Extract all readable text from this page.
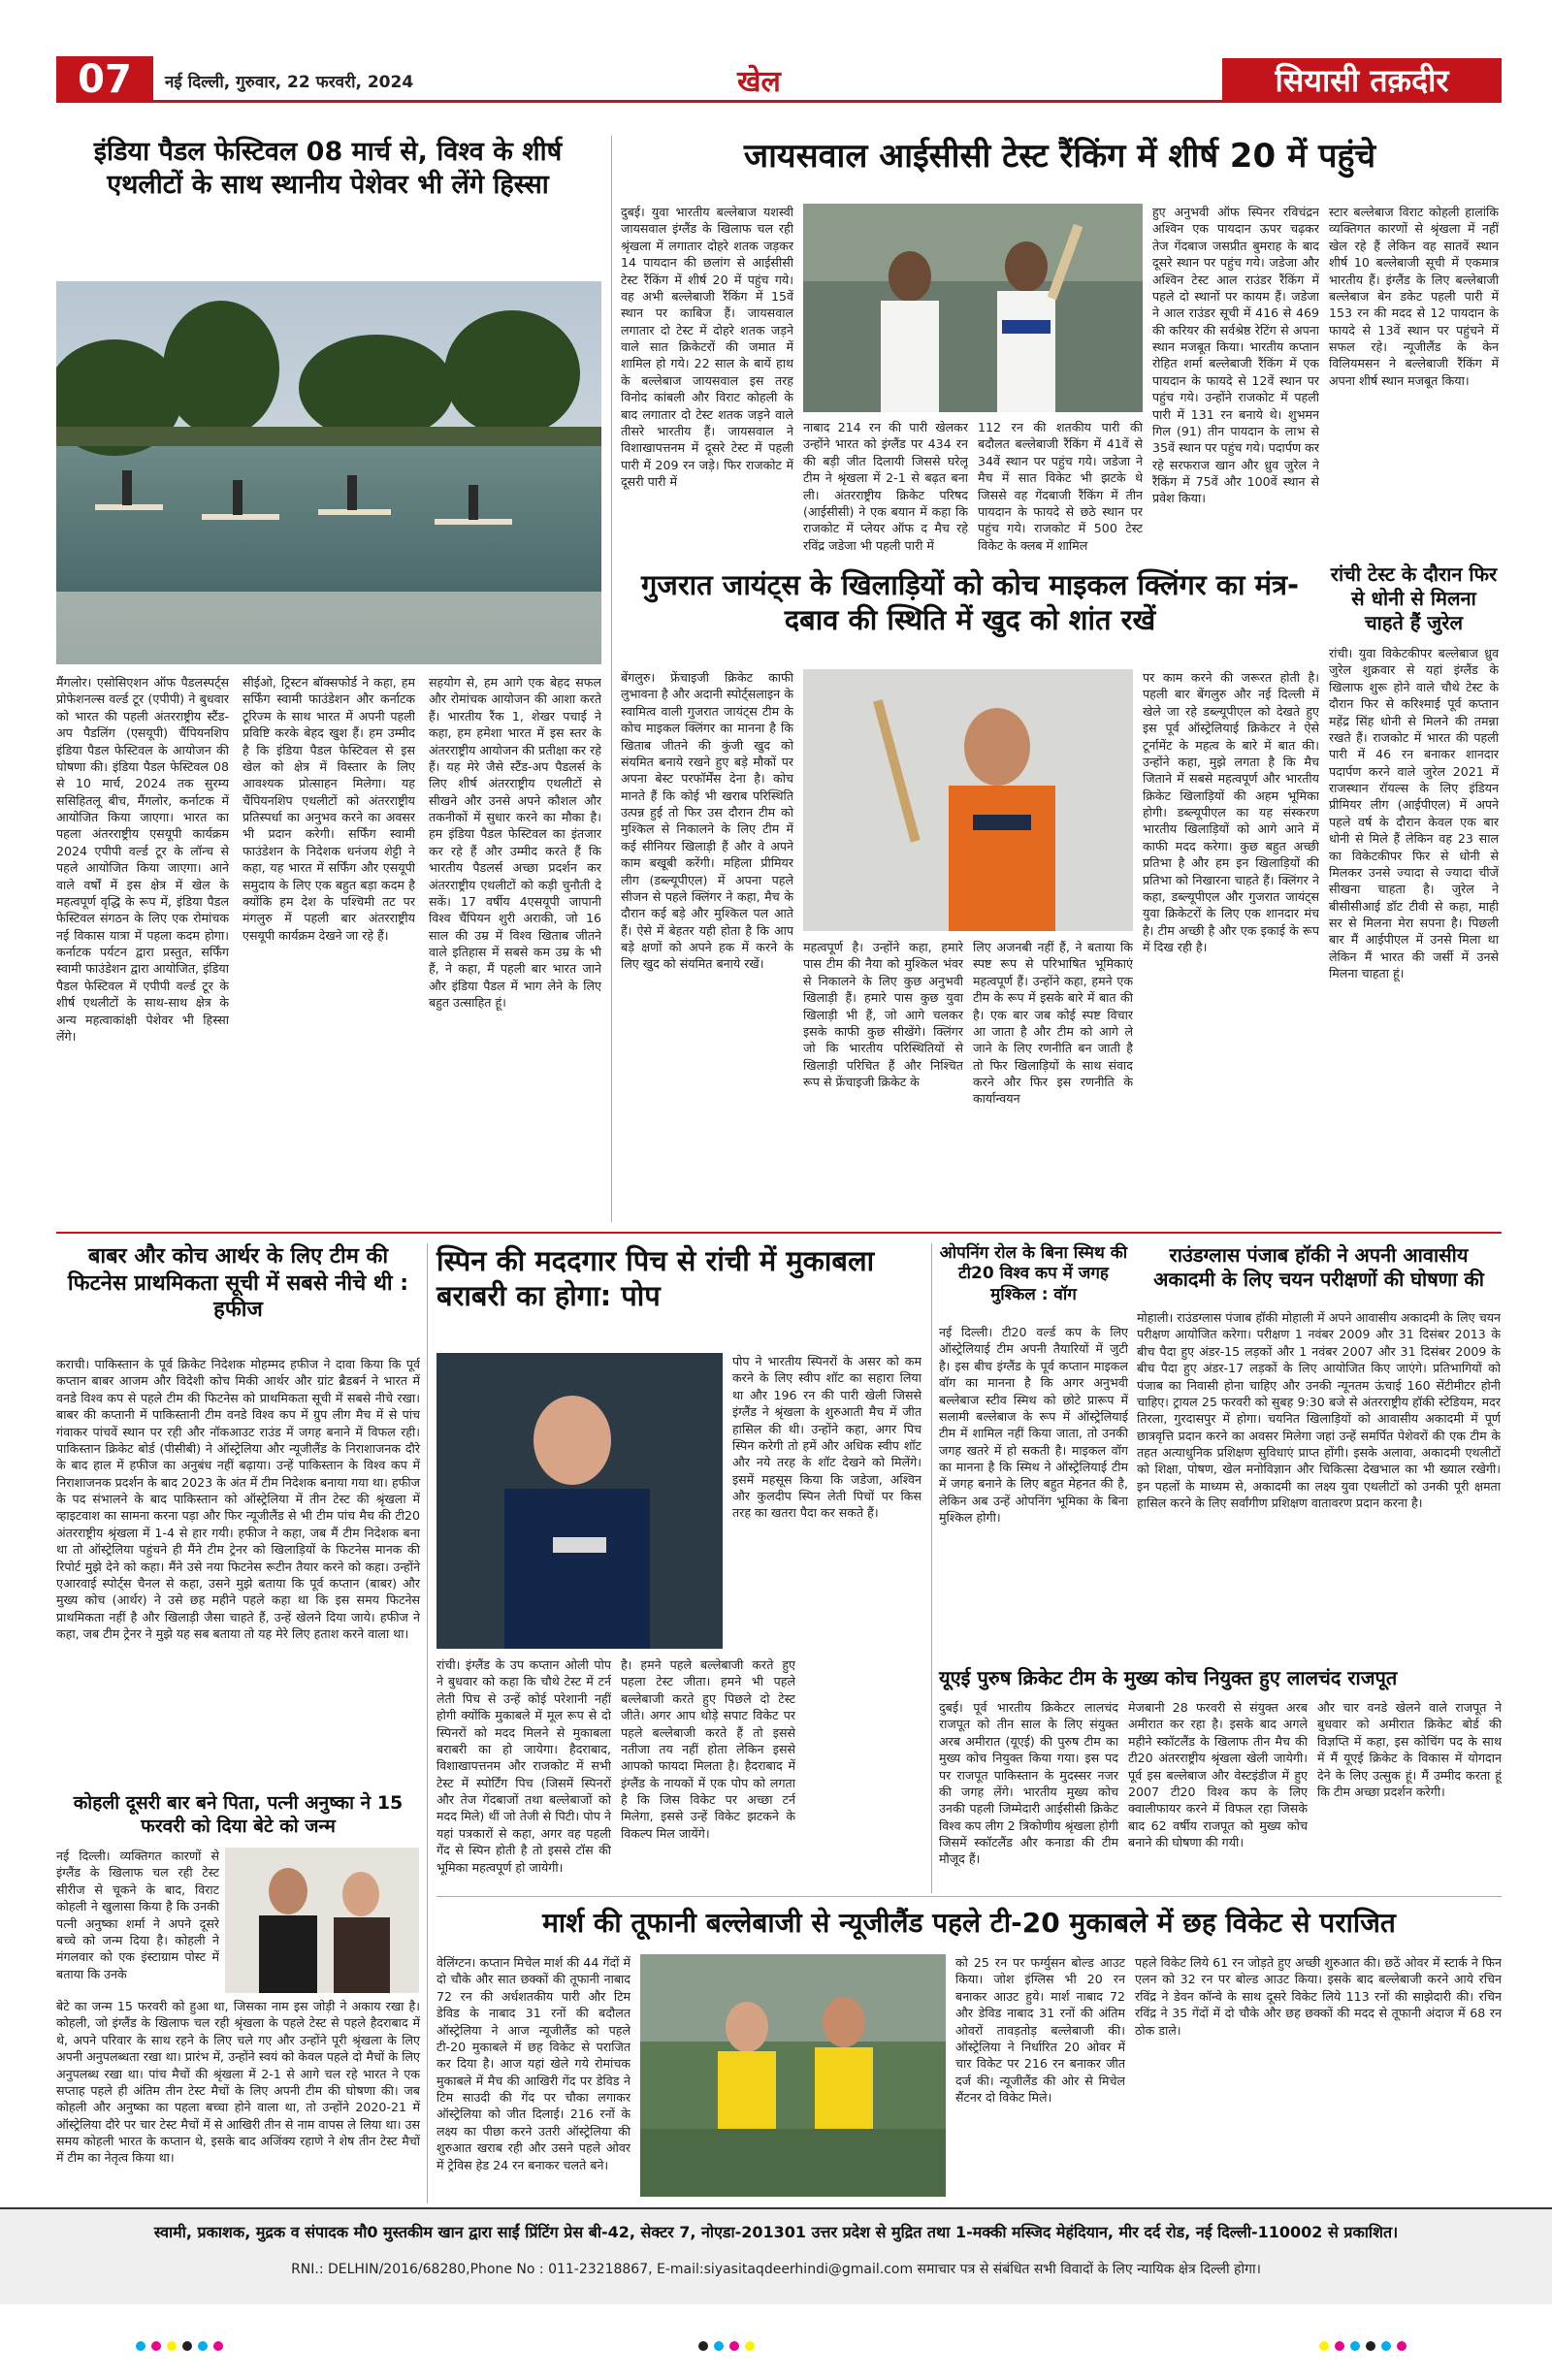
07	नई दिल्ली, गुरुवार, 22 फरवरी, 2024	खेल	सियासी तक़दीर
इंडिया पैडल फेस्टिवल 08 मार्च से, विश्व के शीर्ष एथलीटों के साथ स्थानीय पेशेवर भी लेंगे हिस्सा
मैंगलोर। एसोसिएशन ऑफ पैडलस्पर्ट्स प्रोफेशनल्स वर्ल्ड टूर (एपीपी) ने बुधवार को भारत की पहली अंतरराष्ट्रीय स्टैंड-अप पैडलिंग (एसयूपी) चैंपियनशिप इंडिया पैडल फेस्टिवल के आयोजन की घोषणा की। इंडिया पैडल फेस्टिवल 08 से 10 मार्च, 2024 तक सुरम्य ससिहितलू बीच, मैंगलोर, कर्नाटक में आयोजित किया जाएगा। भारत का पहला अंतरराष्ट्रीय एसयूपी कार्यक्रम 2024 एपीपी वर्ल्ड टूर के लॉन्च से पहले आयोजित किया जाएगा। आने वाले वर्षों में इस क्षेत्र में खेल के महत्वपूर्ण वृद्धि के रूप में, इंडिया पैडल फेस्टिवल संगठन के लिए एक रोमांचक नई विकास यात्रा में पहला कदम होगा। कर्नाटक पर्यटन द्वारा प्रस्तुत, सर्फिंग स्वामी फाउंडेशन द्वारा आयोजित, इंडिया पैडल फेस्टिवल में एपीपी वर्ल्ड टूर के शीर्ष एथलीटों के साथ-साथ क्षेत्र के अन्य महत्वाकांक्षी पेशेवर भी हिस्सा लेंगे।
सीईओ, ट्रिस्टन बॉक्सफोर्ड ने कहा, हम सर्फिंग स्वामी फाउंडेशन और कर्नाटक टूरिज्म के साथ भारत में अपनी पहली प्रविष्टि करके बेहद खुश हैं। हम उम्मीद है कि इंडिया पैडल फेस्टिवल से इस खेल को क्षेत्र में विस्तार के लिए आवश्यक प्रोत्साहन मिलेगा। यह चैंपियनशिप एथलीटों को अंतरराष्ट्रीय प्रतिस्पर्धा का अनुभव करने का अवसर भी प्रदान करेगी। सर्फिंग स्वामी फाउंडेशन के निदेशक धनंजय शेट्टी ने कहा, यह भारत में सर्फिंग और एसयूपी समुदाय के लिए एक बहुत बड़ा कदम है क्योंकि हम देश के पश्चिमी तट पर मंगलुरु में पहली बार अंतरराष्ट्रीय एसयूपी कार्यक्रम देखने जा रहे हैं।
सहयोग से, हम आगे एक बेहद सफल और रोमांचक आयोजन की आशा करते हैं। भारतीय रैंक 1, शेखर पचाई ने कहा, हम हमेशा भारत में इस स्तर के अंतरराष्ट्रीय आयोजन की प्रतीक्षा कर रहे हैं। यह मेरे जैसे स्टैंड-अप पैडलर्स के लिए शीर्ष अंतरराष्ट्रीय एथलीटों से सीखने और उनसे अपने कौशल और तकनीकों में सुधार करने का मौका है। हम इंडिया पैडल फेस्टिवल का इंतजार कर रहे हैं और उम्मीद करते हैं कि भारतीय पैडलर्स अच्छा प्रदर्शन कर अंतरराष्ट्रीय एथलीटों को कड़ी चुनौती दे सकें। 17 वर्षीय 4एसयूपी जापानी विश्व चैंपियन शुरी अराकी, जो 16 साल की उम्र में विश्व खिताब जीतने वाले इतिहास में सबसे कम उम्र के भी हैं, ने कहा, मैं पहली बार भारत जाने और इंडिया पैडल में भाग लेने के लिए बहुत उत्साहित हूं।
जायसवाल आईसीसी टेस्ट रैंकिंग में शीर्ष 20 में पहुंचे
दुबई। युवा भारतीय बल्लेबाज यशस्वी जायसवाल इंग्लैंड के खिलाफ चल रही श्रृंखला में लगातार दोहरे शतक जड़कर 14 पायदान की छलांग से आईसीसी टेस्ट रैंकिंग में शीर्ष 20 में पहुंच गये। वह अभी बल्लेबाजी रैंकिंग में 15वें स्थान पर काबिज हैं। जायसवाल लगातार दो टेस्ट में दोहरे शतक जड़ने वाले सात क्रिकेटरों की जमात में शामिल हो गये। 22 साल के बायें हाथ के बल्लेबाज जायसवाल इस तरह विनोद कांबली और विराट कोहली के बाद लगातार दो टेस्ट शतक जड़ने वाले तीसरे भारतीय हैं। जायसवाल ने विशाखापत्तनम में दूसरे टेस्ट में पहली पारी में 209 रन जड़े। फिर राजकोट में दूसरी पारी में
नाबाद 214 रन की पारी खेलकर उन्होंने भारत को इंग्लैंड पर 434 रन की बड़ी जीत दिलायी जिससे घरेलू टीम ने श्रृंखला में 2-1 से बढ़त बना ली। अंतरराष्ट्रीय क्रिकेट परिषद (आईसीसी) ने एक बयान में कहा कि राजकोट में प्लेयर ऑफ द मैच रहे रविंद्र जडेजा भी पहली पारी में
112 रन की शतकीय पारी की बदौलत बल्लेबाजी रैंकिंग में 41वें से 34वें स्थान पर पहुंच गये। जडेजा ने मैच में सात विकेट भी झटके थे जिससे वह गेंदबाजी रैंकिंग में तीन पायदान के फायदे से छठे स्थान पर पहुंच गये। राजकोट में 500 टेस्ट विकेट के क्लब में शामिल
हुए अनुभवी ऑफ स्पिनर रविचंद्रन अश्विन एक पायदान ऊपर चढ़कर तेज गेंदबाज जसप्रीत बुमराह के बाद दूसरे स्थान पर पहुंच गये। जडेजा और अश्विन टेस्ट आल राउंडर रैंकिंग में पहले दो स्थानों पर कायम हैं। जडेजा ने आल राउंडर सूची में 416 से 469 की करियर की सर्वश्रेष्ठ रेटिंग से अपना स्थान मजबूत किया। भारतीय कप्तान रोहित शर्मा बल्लेबाजी रैंकिंग में एक पायदान के फायदे से 12वें स्थान पर पहुंच गये। उन्होंने राजकोट में पहली पारी में 131 रन बनाये थे। शुभमन गिल (91) तीन पायदान के लाभ से 35वें स्थान पर पहुंच गये। पदार्पण कर रहे सरफराज खान और ध्रुव जुरेल ने रैंकिंग में 75वें और 100वें स्थान से प्रवेश किया।
स्टार बल्लेबाज विराट कोहली हालांकि व्यक्तिगत कारणों से श्रृंखला में नहीं खेल रहे हैं लेकिन वह सातवें स्थान शीर्ष 10 बल्लेबाजी सूची में एकमात्र भारतीय हैं। इंग्लैंड के लिए बल्लेबाजी बल्लेबाज बेन डकेट पहली पारी में 153 रन की मदद से 12 पायदान के फायदे से 13वें स्थान पर पहुंचने में सफल रहे। न्यूजीलैंड के केन विलियमसन ने बल्लेबाजी रैंकिंग में अपना शीर्ष स्थान मजबूत किया।
रांची टेस्ट के दौरान फिर से धोनी से मिलना चाहते हैं जुरेल
रांची। युवा विकेटकीपर बल्लेबाज ध्रुव जुरेल शुक्रवार से यहां इंग्लैंड के खिलाफ शुरू होने वाले चौथे टेस्ट के दौरान फिर से करिश्माई पूर्व कप्तान महेंद्र सिंह धोनी से मिलने की तमन्ना रखते हैं। राजकोट में भारत की पहली पारी में 46 रन बनाकर शानदार पदार्पण करने वाले जुरेल 2021 में राजस्थान रॉयल्स के लिए इंडियन प्रीमियर लीग (आईपीएल) में अपने पहले वर्ष के दौरान केवल एक बार धोनी से मिले हैं लेकिन वह 23 साल का विकेटकीपर फिर से धोनी से मिलकर उनसे ज्यादा से ज्यादा चीजें सीखना चाहता है। जुरेल ने बीसीसीआई डॉट टीवी से कहा, माही सर से मिलना मेरा सपना है। पिछली बार मैं आईपीएल में उनसे मिला था लेकिन मैं भारत की जर्सी में उनसे मिलना चाहता हूं।
गुजरात जायंट्स के खिलाड़ियों को कोच माइकल क्लिंगर का मंत्र- दबाव की स्थिति में खुद को शांत रखें
बेंगलुरु। फ्रेंचाइजी क्रिकेट काफी लुभावना है और अदानी स्पोर्ट्सलाइन के स्वामित्व वाली गुजरात जायंट्स टीम के कोच माइकल क्लिंगर का मानना है कि खिताब जीतने की कुंजी खुद को संयमित बनाये रखने हुए बड़े मौकों पर अपना बेस्ट परफॉर्मेंस देना है। कोच मानते हैं कि कोई भी खराब परिस्थिति उत्पन्न हुई तो फिर उस दौरान टीम को मुश्किल से निकालने के लिए टीम में कई सीनियर खिलाड़ी हैं और वे अपने काम बखूबी करेंगी। महिला प्रीमियर लीग (डब्ल्यूपीएल) में अपना पहले सीजन से पहले क्लिंगर ने कहा, मैच के दौरान कई बड़े और मुश्किल पल आते हैं। ऐसे में बेहतर यही होता है कि आप बड़े क्षणों को अपने हक में करने के लिए खुद को संयमित बनाये रखें।
महत्वपूर्ण है। उन्होंने कहा, हमारे पास टीम की नैया को मुश्किल भंवर से निकालने के लिए कुछ अनुभवी खिलाड़ी हैं। हमारे पास कुछ युवा खिलाड़ी भी हैं, जो आगे चलकर इसके काफी कुछ सीखेंगे। क्लिंगर जो कि भारतीय परिस्थितियों से खिलाड़ी परिचित हैं और निश्चित रूप से फ्रेंचाइजी क्रिकेट के
लिए अजनबी नहीं हैं, ने बताया कि स्पष्ट रूप से परिभाषित भूमिकाएं महत्वपूर्ण हैं। उन्होंने कहा, हमने एक टीम के रूप में इसके बारे में बात की है। एक बार जब कोई स्पष्ट विचार आ जाता है और टीम को आगे ले जाने के लिए रणनीति बन जाती है तो फिर खिलाड़ियों के साथ संवाद करने और फिर इस रणनीति के कार्यान्वयन
पर काम करने की जरूरत होती है। पहली बार बेंगलुरु और नई दिल्ली में खेले जा रहे डब्ल्यूपीएल को देखते हुए इस पूर्व ऑस्ट्रेलियाई क्रिकेटर ने ऐसे टूर्नामेंट के महत्व के बारे में बात की। उन्होंने कहा, मुझे लगता है कि मैच जिताने में सबसे महत्वपूर्ण और भारतीय क्रिकेट खिलाड़ियों की अहम भूमिका होगी। डब्ल्यूपीएल का यह संस्करण भारतीय खिलाड़ियों को आगे आने में काफी मदद करेगा। कुछ बहुत अच्छी प्रतिभा है और हम इन खिलाड़ियों की प्रतिभा को निखारना चाहते हैं। क्लिंगर ने कहा, डब्ल्यूपीएल और गुजरात जायंट्स युवा क्रिकेटरों के लिए एक शानदार मंच है। टीम अच्छी है और एक इकाई के रूप में दिख रही है।
बाबर और कोच आर्थर के लिए टीम की फिटनेस प्राथमिकता सूची में सबसे नीचे थी : हफीज
कराची। पाकिस्तान के पूर्व क्रिकेट निदेशक मोहम्मद हफीज ने दावा किया कि पूर्व कप्तान बाबर आजम और विदेशी कोच मिकी आर्थर और ग्रांट ब्रैडबर्न ने भारत में वनडे विश्व कप से पहले टीम की फिटनेस को प्राथमिकता सूची में सबसे नीचे रखा। बाबर की कप्तानी में पाकिस्तानी टीम वनडे विश्व कप में ग्रुप लीग मैच में से पांच गंवाकर पांचवें स्थान पर रही और नॉकआउट राउंड में जगह बनाने में विफल रही। पाकिस्तान क्रिकेट बोर्ड (पीसीबी) ने ऑस्ट्रेलिया और न्यूजीलैंड के निराशाजनक दौरे के बाद हाल में हफीज का अनुबंध नहीं बढ़ाया। उन्हें पाकिस्तान के विश्व कप में निराशाजनक प्रदर्शन के बाद 2023 के अंत में टीम निदेशक बनाया गया था। हफीज के पद संभालने के बाद पाकिस्तान को ऑस्ट्रेलिया में तीन टेस्ट की श्रृंखला में व्हाइटवाश का सामना करना पड़ा और फिर न्यूजीलैंड से भी टीम पांच मैच की टी20 अंतरराष्ट्रीय श्रृंखला में 1-4 से हार गयी। हफीज ने कहा, जब मैं टीम निदेशक बना था तो ऑस्ट्रेलिया पहुंचने ही मैंने टीम ट्रेनर को खिलाड़ियों के फिटनेस मानक की रिपोर्ट मुझे देने को कहा। मैंने उसे नया फिटनेस रूटीन तैयार करने को कहा। उन्होंने एआरवाई स्पोर्ट्स चैनल से कहा, उसने मुझे बताया कि पूर्व कप्तान (बाबर) और मुख्य कोच (आर्थर) ने उसे छह महीने पहले कहा था कि इस समय फिटनेस प्राथमिकता नहीं है और खिलाड़ी जैसा चाहते हैं, उन्हें खेलने दिया जाये। हफीज ने कहा, जब टीम ट्रेनर ने मुझे यह सब बताया तो यह मेरे लिए हताश करने वाला था।
स्पिन की मददगार पिच से रांची में मुकाबला बराबरी का होगा: पोप
पोप ने भारतीय स्पिनरों के असर को कम करने के लिए स्वीप शॉट का सहारा लिया था और 196 रन की पारी खेली जिससे इंग्लैंड ने श्रृंखला के शुरुआती मैच में जीत हासिल की थी। उन्होंने कहा, अगर पिच स्पिन करेगी तो हमें और अधिक स्वीप शॉट और नये तरह के शॉट देखने को मिलेंगे। इसमें महसूस किया कि जडेजा, अश्विन और कुलदीप स्पिन लेती पिचों पर किस तरह का खतरा पैदा कर सकते हैं।
रांची। इंग्लैंड के उप कप्तान ओली पोप ने बुधवार को कहा कि चौथे टेस्ट में टर्न लेती पिच से उन्हें कोई परेशानी नहीं होगी क्योंकि मुकाबले में मूल रूप से दो स्पिनरों को मदद मिलने से मुकाबला बराबरी का हो जायेगा। हैदराबाद, विशाखापत्तनम और राजकोट में सभी टेस्ट में स्पोर्टिंग पिच (जिसमें स्पिनरों और तेज गेंदबाजों तथा बल्लेबाजों को मदद मिले) थीं जो तेजी से पिटी। पोप ने यहां पत्रकारों से कहा, अगर वह पहली गेंद से स्पिन होती है तो इससे टॉस की भूमिका महत्वपूर्ण हो जायेगी।
है। हमने पहले बल्लेबाजी करते हुए पहला टेस्ट जीता। हमने भी पहले बल्लेबाजी करते हुए पिछले दो टेस्ट जीते। अगर आप थोड़े सपाट विकेट पर पहले बल्लेबाजी करते हैं तो इससे नतीजा तय नहीं होता लेकिन इससे आपको फायदा मिलता है। हैदराबाद में इंग्लैंड के नायकों में एक पोप को लगता है कि जिस विकेट पर अच्छा टर्न मिलेगा, इससे उन्हें विकेट झटकने के विकल्प मिल जायेंगे।
ओपनिंग रोल के बिना स्मिथ की टी20 विश्व कप में जगह मुश्किल : वॉग
नई दिल्ली। टी20 वर्ल्ड कप के लिए ऑस्ट्रेलियाई टीम अपनी तैयारियों में जुटी है। इस बीच इंग्लैंड के पूर्व कप्तान माइकल वॉग का मानना है कि अगर अनुभवी बल्लेबाज स्टीव स्मिथ को छोटे प्रारूप में सलामी बल्लेबाज के रूप में ऑस्ट्रेलियाई टीम में शामिल नहीं किया जाता, तो उनकी जगह खतरे में हो सकती है। माइकल वॉग का मानना है कि स्मिथ ने ऑस्ट्रेलियाई टीम में जगह बनाने के लिए बहुत मेहनत की है, लेकिन अब उन्हें ओपनिंग भूमिका के बिना मुश्किल होगी।
राउंडग्लास पंजाब हॉकी ने अपनी आवासीय अकादमी के लिए चयन परीक्षणों की घोषणा की
मोहाली। राउंडग्लास पंजाब हॉकी मोहाली में अपने आवासीय अकादमी के लिए चयन परीक्षण आयोजित करेगा। परीक्षण 1 नवंबर 2009 और 31 दिसंबर 2013 के बीच पैदा हुए अंडर-15 लड़कों और 1 नवंबर 2007 और 31 दिसंबर 2009 के बीच पैदा हुए अंडर-17 लड़कों के लिए आयोजित किए जाएंगे। प्रतिभागियों को पंजाब का निवासी होना चाहिए और उनकी न्यूनतम ऊंचाई 160 सेंटीमीटर होनी चाहिए। ट्रायल 25 फरवरी को सुबह 9:30 बजे से अंतरराष्ट्रीय हॉकी स्टेडियम, मदर तिरला, गुरदासपुर में होगा। चयनित खिलाड़ियों को आवासीय अकादमी में पूर्ण छात्रवृत्ति प्रदान करने का अवसर मिलेगा जहां उन्हें समर्पित पेशेवरों की एक टीम के तहत अत्याधुनिक प्रशिक्षण सुविधाएं प्राप्त होंगी। इसके अलावा, अकादमी एथलीटों को शिक्षा, पोषण, खेल मनोविज्ञान और चिकित्सा देखभाल का भी ख्याल रखेगी। इन पहलों के माध्यम से, अकादमी का लक्ष्य युवा एथलीटों को उनकी पूरी क्षमता हासिल करने के लिए सर्वांगीण प्रशिक्षण वातावरण प्रदान करना है।
यूएई पुरुष क्रिकेट टीम के मुख्य कोच नियुक्त हुए लालचंद राजपूत
दुबई। पूर्व भारतीय क्रिकेटर लालचंद राजपूत को तीन साल के लिए संयुक्त अरब अमीरात (यूएई) की पुरुष टीम का मुख्य कोच नियुक्त किया गया। इस पद पर राजपूत पाकिस्तान के मुदस्सर नजर की जगह लेंगे। भारतीय मुख्य कोच उनकी पहली जिम्मेदारी आईसीसी क्रिकेट विश्व कप लीग 2 त्रिकोणीय श्रृंखला होगी जिसमें स्कॉटलैंड और कनाडा की टीम मौजूद हैं।
मेजबानी 28 फरवरी से संयुक्त अरब अमीरात कर रहा है। इसके बाद अगले महीने स्कॉटलैंड के खिलाफ तीन मैच की टी20 अंतरराष्ट्रीय श्रृंखला खेली जायेगी। पूर्व इस बल्लेबाज और वेस्टइंडीज में हुए 2007 टी20 विश्व कप के लिए क्वालीफायर करने में विफल रहा जिसके बाद 62 वर्षीय राजपूत को मुख्य कोच बनाने की घोषणा की गयी।
और चार वनडे खेलने वाले राजपूत ने बुधवार को अमीरात क्रिकेट बोर्ड की विज्ञप्ति में कहा, इस कोचिंग पद के साथ में मैं यूएई क्रिकेट के विकास में योगदान देने के लिए उत्सुक हूं। मैं उम्मीद करता हूं कि टीम अच्छा प्रदर्शन करेगी।
कोहली दूसरी बार बने पिता, पत्नी अनुष्का ने 15 फरवरी को दिया बेटे को जन्म
नई दिल्ली। व्यक्तिगत कारणों से इंग्लैंड के खिलाफ चल रही टेस्ट सीरीज से चूकने के बाद, विराट कोहली ने खुलासा किया है कि उनकी पत्नी अनुष्का शर्मा ने अपने दूसरे बच्चे को जन्म दिया है। कोहली ने मंगलवार को एक इंस्टाग्राम पोस्ट में बताया कि उनके
बेटे का जन्म 15 फरवरी को हुआ था, जिसका नाम इस जोड़ी ने अकाय रखा है। कोहली, जो इंग्लैंड के खिलाफ चल रही श्रृंखला के पहले टेस्ट से पहले हैदराबाद में थे, अपने परिवार के साथ रहने के लिए चले गए और उन्होंने पूरी श्रृंखला के लिए अपनी अनुपलब्धता रखा था। प्रारंभ में, उन्होंने स्वयं को केवल पहले दो मैचों के लिए अनुपलब्ध रखा था। पांच मैचों की श्रृंखला में 2-1 से आगे चल रहे भारत ने एक सप्ताह पहले ही अंतिम तीन टेस्ट मैचों के लिए अपनी टीम की घोषणा की। जब कोहली और अनुष्का का पहला बच्चा होने वाला था, तो उन्होंने 2020-21 में ऑस्ट्रेलिया दौरे पर चार टेस्ट मैचों में से आखिरी तीन से नाम वापस ले लिया था। उस समय कोहली भारत के कप्तान थे, इसके बाद अजिंक्य रहाणे ने शेष तीन टेस्ट मैचों में टीम का नेतृत्व किया था।
मार्श की तूफानी बल्लेबाजी से न्यूजीलैंड पहले टी-20 मुकाबले में छह विकेट से पराजित
वेलिंग्टन। कप्तान मिचेल मार्श की 44 गेंदों में दो चौके और सात छक्कों की तूफानी नाबाद 72 रन की अर्धशतकीय पारी और टिम डेविड के नाबाद 31 रनों की बदौलत ऑस्ट्रेलिया ने आज न्यूजीलैंड को पहले टी-20 मुकाबले में छह विकेट से पराजित कर दिया है। आज यहां खेले गये रोमांचक मुकाबले में मैच की आखिरी गेंद पर डेविड ने टिम साउदी की गेंद पर चौका लगाकर ऑस्ट्रेलिया को जीत दिलाई। 216 रनों के लक्ष्य का पीछा करने उतरी ऑस्ट्रेलिया की शुरुआत खराब रही और उसने पहले ओवर में ट्रेविस हेड 24 रन बनाकर चलते बने।
को 25 रन पर फर्ग्युसन बोल्ड आउट किया। जोश इंग्लिस भी 20 रन बनाकर आउट हुये। मार्श नाबाद 72 और डेविड नाबाद 31 रनों की अंतिम ओवरों तावड़तोड़ बल्लेबाजी की। ऑस्ट्रेलिया ने निर्धारित 20 ओवर में चार विकेट पर 216 रन बनाकर जीत दर्ज की। न्यूजीलैंड की ओर से मिचेल सैंटनर दो विकेट मिले।
पहले विकेट लिये 61 रन जोड़ते हुए अच्छी शुरुआत की। छठें ओवर में स्टार्क ने फिन एलन को 32 रन पर बोल्ड आउट किया। इसके बाद बल्लेबाजी करने आये रचिन रविंद्र ने डेवन कॉन्वे के साथ दूसरे विकेट लिये 113 रनों की साझेदारी की। रचिन रविंद्र ने 35 गेंदों में दो चौके और छह छक्कों की मदद से तूफानी अंदाज में 68 रन ठोक डाले।
स्वामी, प्रकाशक, मुद्रक व संपादक मौ0 मुस्तकीम खान द्वारा साईं प्रिंटिंग प्रेस बी-42, सेक्टर 7, नोएडा-201301 उत्तर प्रदेश से मुद्रित तथा 1-मक्की मस्जिद मेहंदियान, मीर दर्द रोड, नई दिल्ली-110002 से प्रकाशित।
RNI.: DELHIN/2016/68280,Phone No : 011-23218867, E-mail:siyasitaqdeerhindi@gmail.com समाचार पत्र से संबंधित सभी विवादों के लिए न्यायिक क्षेत्र दिल्ली होगा।
